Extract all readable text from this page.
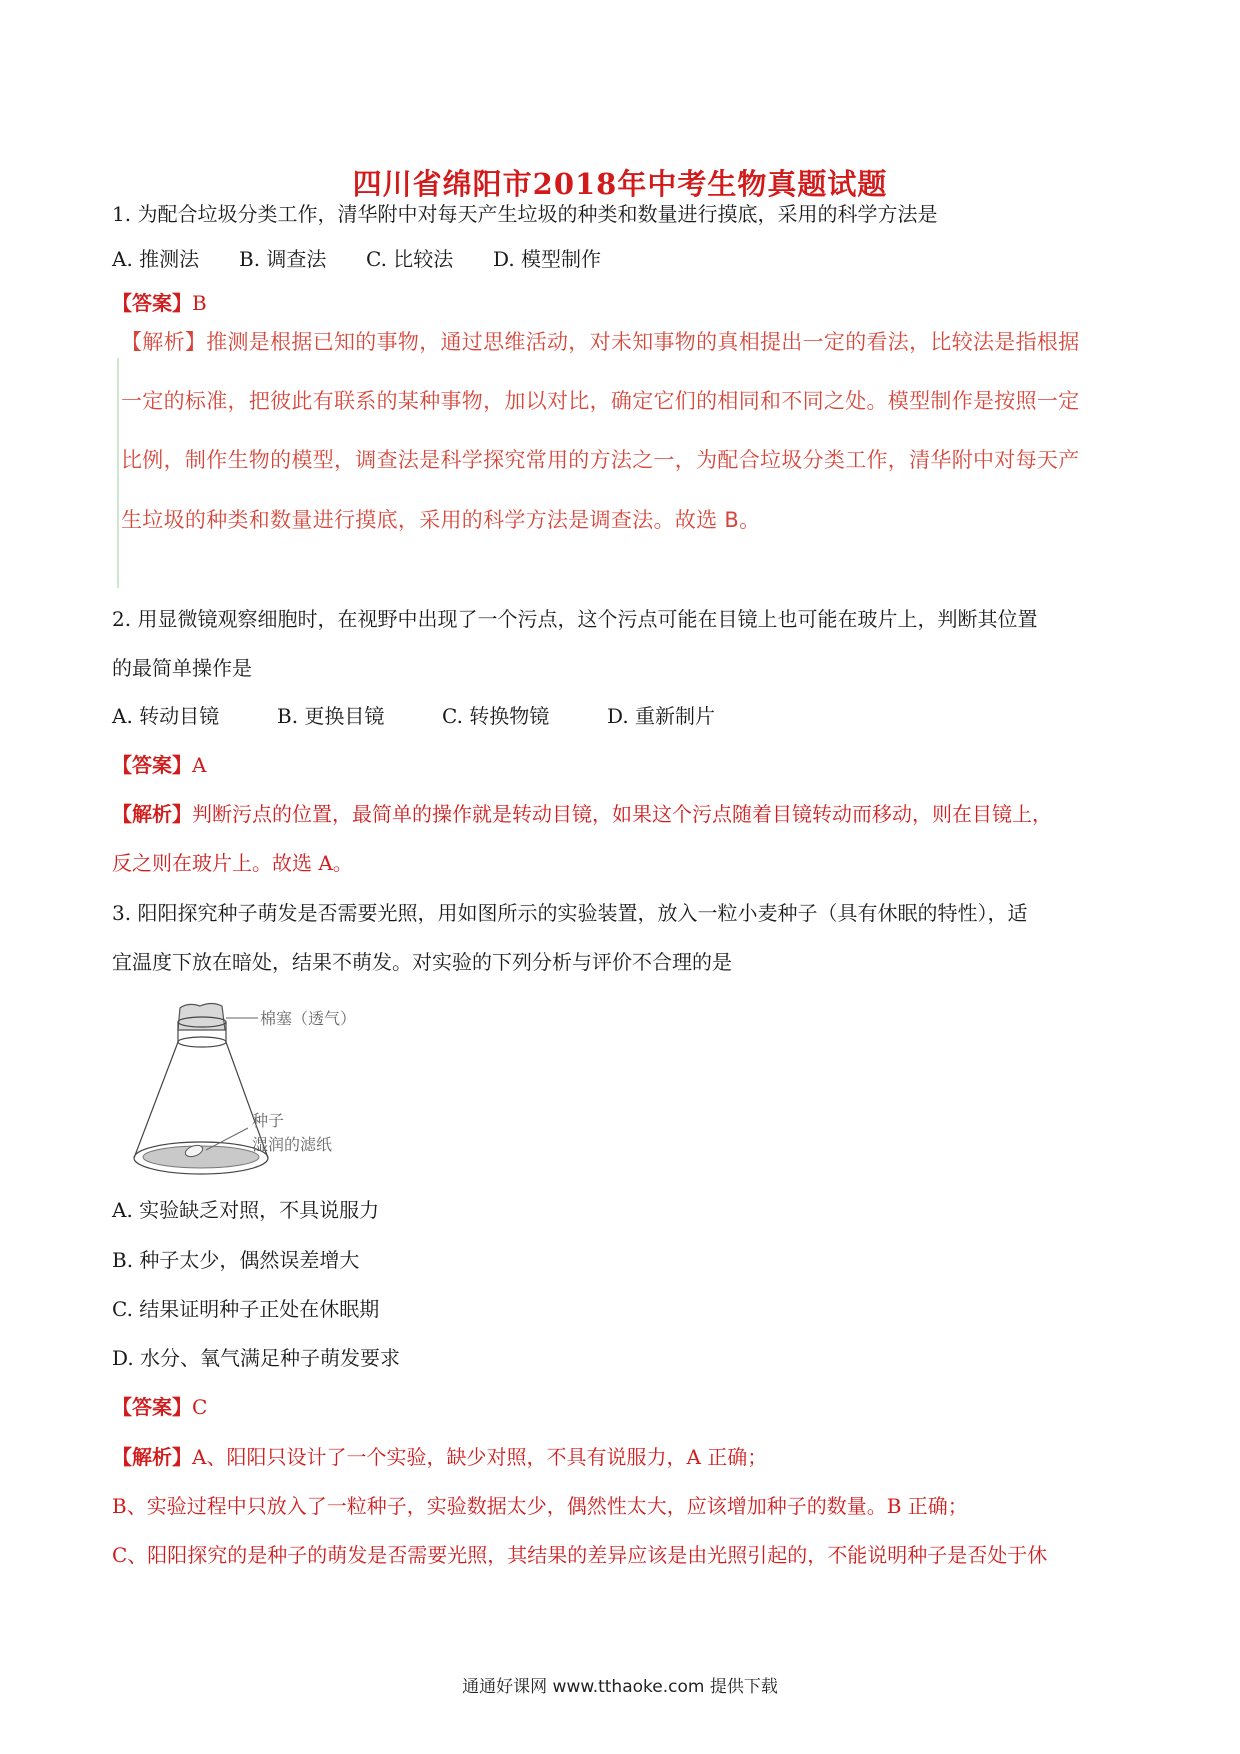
四川省绵阳市2018年中考生物真题试题
1. 为配合垃圾分类工作，清华附中对每天产生垃圾的种类和数量进行摸底，采用的科学方法是
A. 推测法 B. 调查法 C. 比较法 D. 模型制作
【答案】B
【解析】推测是根据已知的事物，通过思维活动，对未知事物的真相提出一定的看法，比较法是指根据
一定的标准，把彼此有联系的某种事物，加以对比，确定它们的相同和不同之处。模型制作是按照一定
比例，制作生物的模型，调查法是科学探究常用的方法之一，为配合垃圾分类工作，清华附中对每天产
生垃圾的种类和数量进行摸底，采用的科学方法是调查法。故选 B。
2. 用显微镜观察细胞时，在视野中出现了一个污点，这个污点可能在目镜上也可能在玻片上，判断其位置
的最简单操作是
A. 转动目镜	B. 更换目镜	C. 转换物镜	D. 重新制片
【答案】A
【解析】判断污点的位置，最简单的操作就是转动目镜，如果这个污点随着目镜转动而移动，则在目镜上，
反之则在玻片上。故选 A。
3. 阳阳探究种子萌发是否需要光照，用如图所示的实验装置，放入一粒小麦种子（具有休眠的特性），适
宜温度下放在暗处，结果不萌发。对实验的下列分析与评价不合理的是
棉塞（透气）
种子
湿润的滤纸
A. 实验缺乏对照，不具说服力
B. 种子太少，偶然误差增大
C. 结果证明种子正处在休眠期
D. 水分、氧气满足种子萌发要求
【答案】C
【解析】A、阳阳只设计了一个实验，缺少对照，不具有说服力，A 正确；
B、实验过程中只放入了一粒种子，实验数据太少，偶然性太大，应该增加种子的数量。B 正确；
C、阳阳探究的是种子的萌发是否需要光照，其结果的差异应该是由光照引起的，不能说明种子是否处于休
通通好课网 www.tthaoke.com 提供下载
